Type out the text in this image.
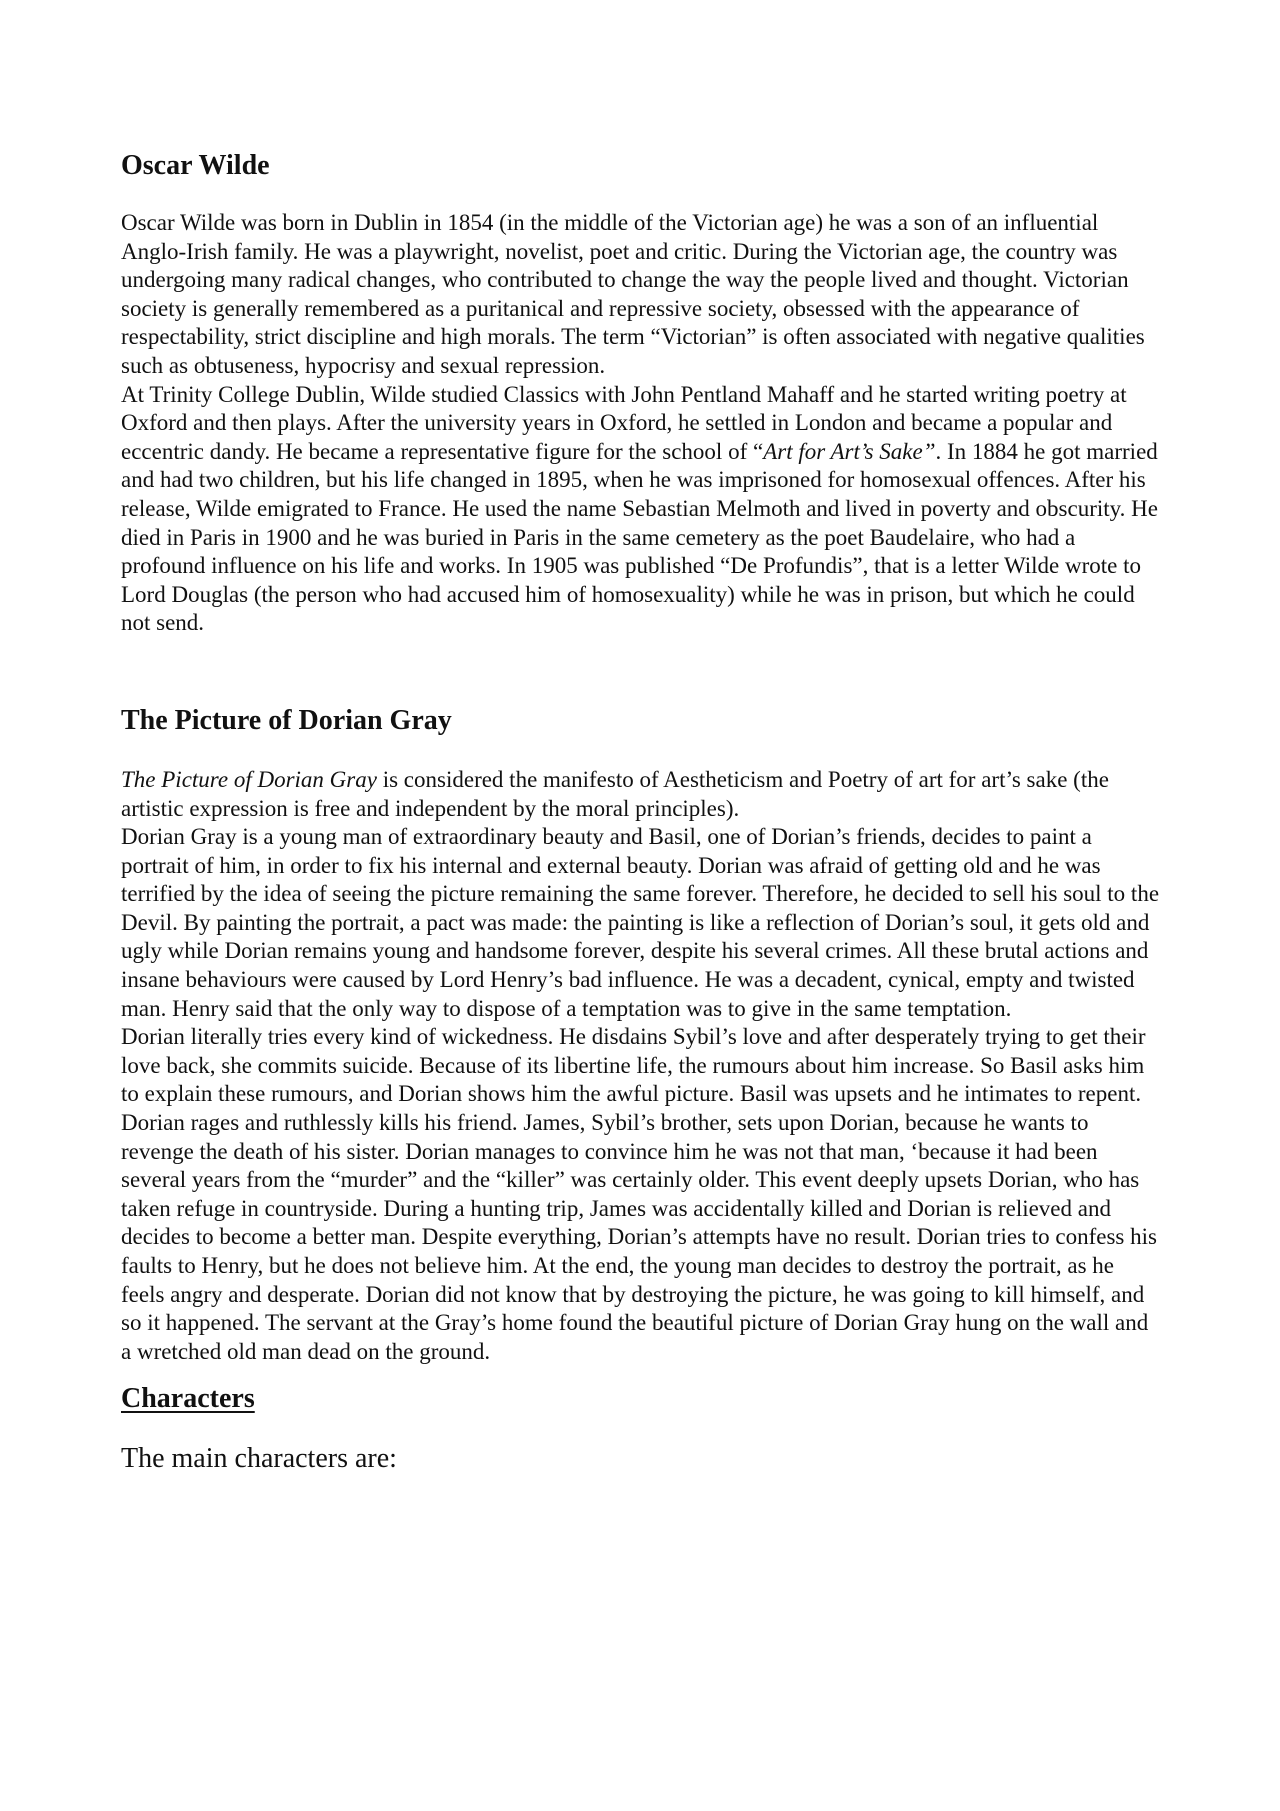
Oscar Wilde

Oscar Wilde was born in Dublin in 1854 (in the middle of the Victorian age) he was a son of an influential Anglo-Irish family. He was a playwright, novelist, poet and critic. During the Victorian age, the country was undergoing many radical changes, who contributed to change the way the people lived and thought. Victorian society is generally remembered as a puritanical and repressive society, obsessed with the appearance of respectability, strict discipline and high morals. The term “Victorian” is often associated with negative qualities such as obtuseness, hypocrisy and sexual repression.

At Trinity College Dublin, Wilde studied Classics with John Pentland Mahaff and he started writing poetry at Oxford and then plays. After the university years in Oxford, he settled in London and became a popular and eccentric dandy. He became a representative figure for the school of “Art for Art’s Sake”. In 1884 he got married and had two children, but his life changed in 1895, when he was imprisoned for homosexual offences. After his release, Wilde emigrated to France. He used the name Sebastian Melmoth and lived in poverty and obscurity. He died in Paris in 1900 and he was buried in Paris in the same cemetery as the poet Baudelaire, who had a profound influence on his life and works. In 1905 was published “De Profundis”, that is a letter Wilde wrote to Lord Douglas (the person who had accused him of homosexuality) while he was in prison, but which he could not send.

The Picture of Dorian Gray

The Picture of Dorian Gray is considered the manifesto of Aestheticism and Poetry of art for art’s sake (the artistic expression is free and independent by the moral principles).

Dorian Gray is a young man of extraordinary beauty and Basil, one of Dorian’s friends, decides to paint a portrait of him, in order to fix his internal and external beauty. Dorian was afraid of getting old and he was terrified by the idea of seeing the picture remaining the same forever. Therefore, he decided to sell his soul to the Devil. By painting the portrait, a pact was made: the painting is like a reflection of Dorian’s soul, it gets old and ugly while Dorian remains young and handsome forever, despite his several crimes. All these brutal actions and insane behaviours were caused by Lord Henry’s bad influence. He was a decadent, cynical, empty and twisted man. Henry said that the only way to dispose of a temptation was to give in the same temptation.

Dorian literally tries every kind of wickedness. He disdains Sybil’s love and after desperately trying to get their love back, she commits suicide. Because of its libertine life, the rumours about him increase. So Basil asks him to explain these rumours, and Dorian shows him the awful picture. Basil was upsets and he intimates to repent. Dorian rages and ruthlessly kills his friend. James, Sybil’s brother, sets upon Dorian, because he wants to revenge the death of his sister. Dorian manages to convince him he was not that man, ‘because it had been several years from the “murder” and the “killer” was certainly older. This event deeply upsets Dorian, who has taken refuge in countryside. During a hunting trip, James was accidentally killed and Dorian is relieved and decides to become a better man. Despite everything, Dorian’s attempts have no result. Dorian tries to confess his faults to Henry, but he does not believe him. At the end, the young man decides to destroy the portrait, as he feels angry and desperate. Dorian did not know that by destroying the picture, he was going to kill himself, and so it happened. The servant at the Gray’s home found the beautiful picture of Dorian Gray hung on the wall and a wretched old man dead on the ground.

Characters

The main characters are:
